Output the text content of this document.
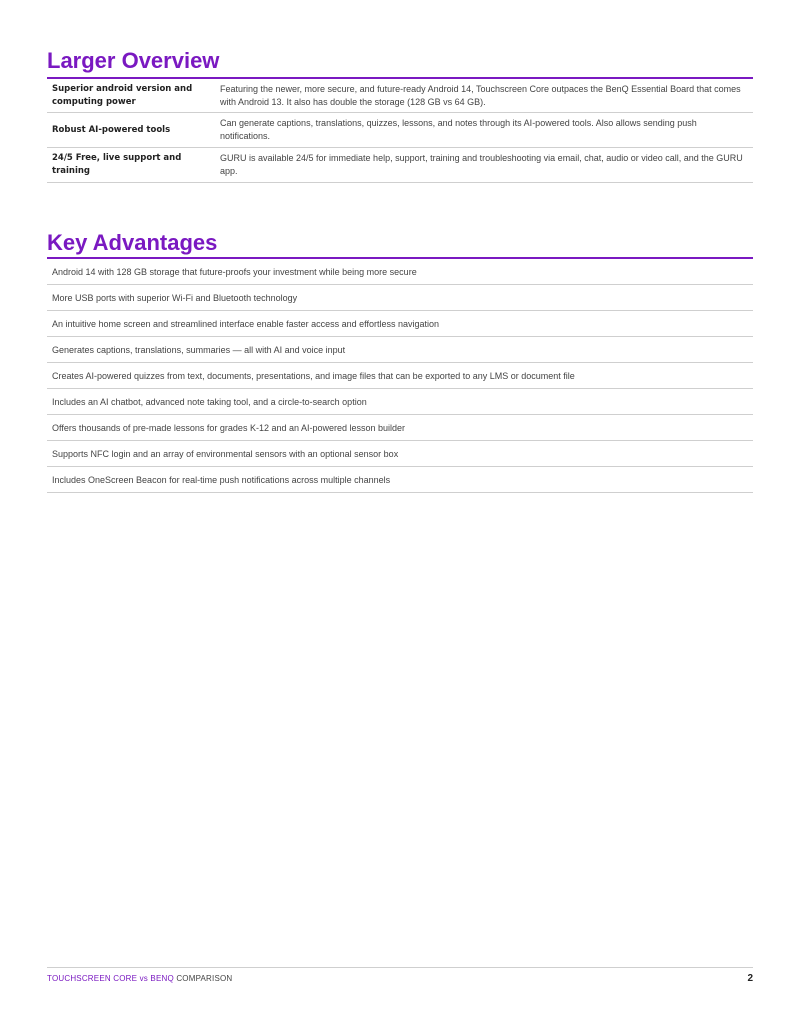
Larger Overview
Superior android version and computing power	Featuring the newer, more secure, and future-ready Android 14, Touchscreen Core outpaces the BenQ Essential Board that comes with Android 13. It also has double the storage (128 GB vs 64 GB).
Robust AI-powered tools	Can generate captions, translations, quizzes, lessons, and notes through its AI-powered tools. Also allows sending push notifications.
24/5 Free, live support and training	GURU is available 24/5 for immediate help, support, training and troubleshooting via email, chat, audio or video call, and the GURU app.
Key Advantages
Android 14 with 128 GB storage that future-proofs your investment while being more secure
More USB ports with superior Wi-Fi and Bluetooth technology
An intuitive home screen and streamlined interface enable faster access and effortless navigation
Generates captions, translations, summaries — all with AI and voice input
Creates AI-powered quizzes from text, documents, presentations, and image files that can be exported to any LMS or document file
Includes an AI chatbot, advanced note taking tool, and a circle-to-search option
Offers thousands of pre-made lessons for grades K-12 and an AI-powered lesson builder
Supports NFC login and an array of environmental sensors with an optional sensor box
Includes OneScreen Beacon for real-time push notifications across multiple channels
TOUCHSCREEN CORE vs BENQ COMPARISON	2
